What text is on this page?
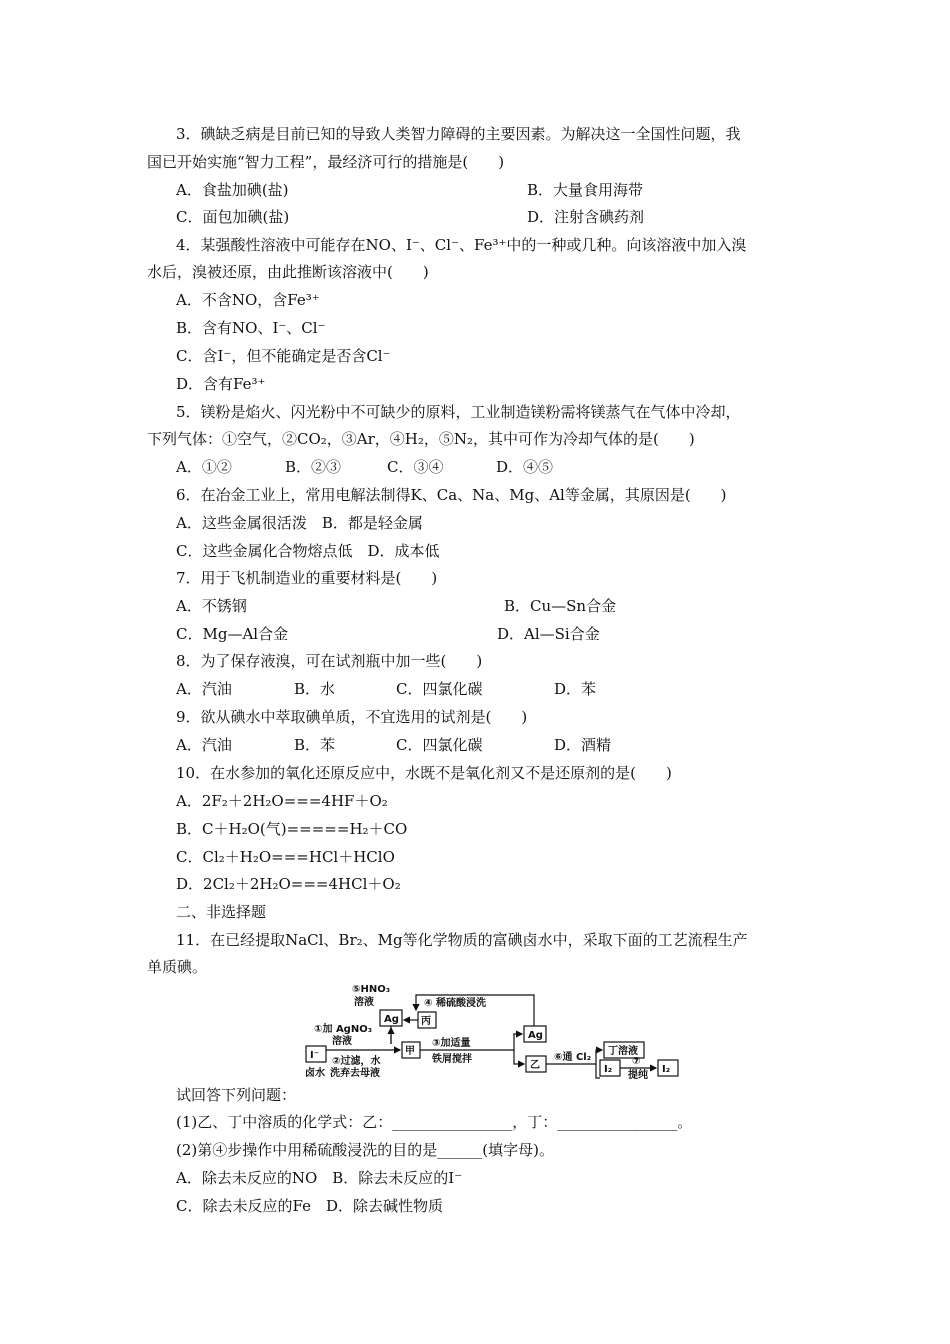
3．碘缺乏病是目前已知的导致人类智力障碍的主要因素。为解决这一全国性问题，我
国已开始实施“智力工程”，最经济可行的措施是(　　)
A．食盐加碘(盐)	B．大量食用海带
C．面包加碘(盐)	D．注射含碘药剂
4．某强酸性溶液中可能存在NO、I⁻、Cl⁻、Fe³⁺中的一种或几种。向该溶液中加入溴
水后，溴被还原，由此推断该溶液中(　　)
A．不含NO，含Fe³⁺
B．含有NO、I⁻、Cl⁻
C．含I⁻，但不能确定是否含Cl⁻
D．含有Fe³⁺
5．镁粉是焰火、闪光粉中不可缺少的原料，工业制造镁粉需将镁蒸气在气体中冷却，
下列气体：①空气，②CO₂，③Ar，④H₂，⑤N₂，其中可作为冷却气体的是(　　)
A．①②	B．②③	C．③④	D．④⑤
6．在冶金工业上，常用电解法制得K、Ca、Na、Mg、Al等金属，其原因是(　　)
A．这些金属很活泼　B．都是轻金属
C．这些金属化合物熔点低　D．成本低
7．用于飞机制造业的重要材料是(　　)
A．不锈钢	B．Cu—Sn合金
C．Mg—Al合金	D．Al—Si合金
8．为了保存液溴，可在试剂瓶中加一些(　　)
A．汽油	B．水	C．四氯化碳	D．苯
9．欲从碘水中萃取碘单质，不宜选用的试剂是(　　)
A．汽油	B．苯	C．四氯化碳	D．酒精
10．在水参加的氧化还原反应中，水既不是氧化剂又不是还原剂的是(　　)
A．2F₂＋2H₂O===4HF＋O₂
B．C＋H₂O(气)=====H₂＋CO
C．Cl₂＋H₂O===HCl＋HClO
D．2Cl₂＋2H₂O===4HCl＋O₂
二、非选择题
11．在已经提取NaCl、Br₂、Mg等化学物质的富碘卤水中，采取下面的工艺流程生产
单质碘。
⑤HNO₃
溶液	④ 稀硫酸浸洗
Ag 丙
①加 AgNO₃
溶液
I⁻
卤水
②过滤，水
洗弃去母液
甲
③加适量
铁屑搅拌
Ag
乙
⑥通 Cl₂
丁溶液
I₂
⑦
提纯
I₂
试回答下列问题：
(1)乙、丁中溶质的化学式：乙：________________，丁：________________。
(2)第④步操作中用稀硫酸浸洗的目的是______(填字母)。
A．除去未反应的NO　B．除去未反应的I⁻
C．除去未反应的Fe　D．除去碱性物质
